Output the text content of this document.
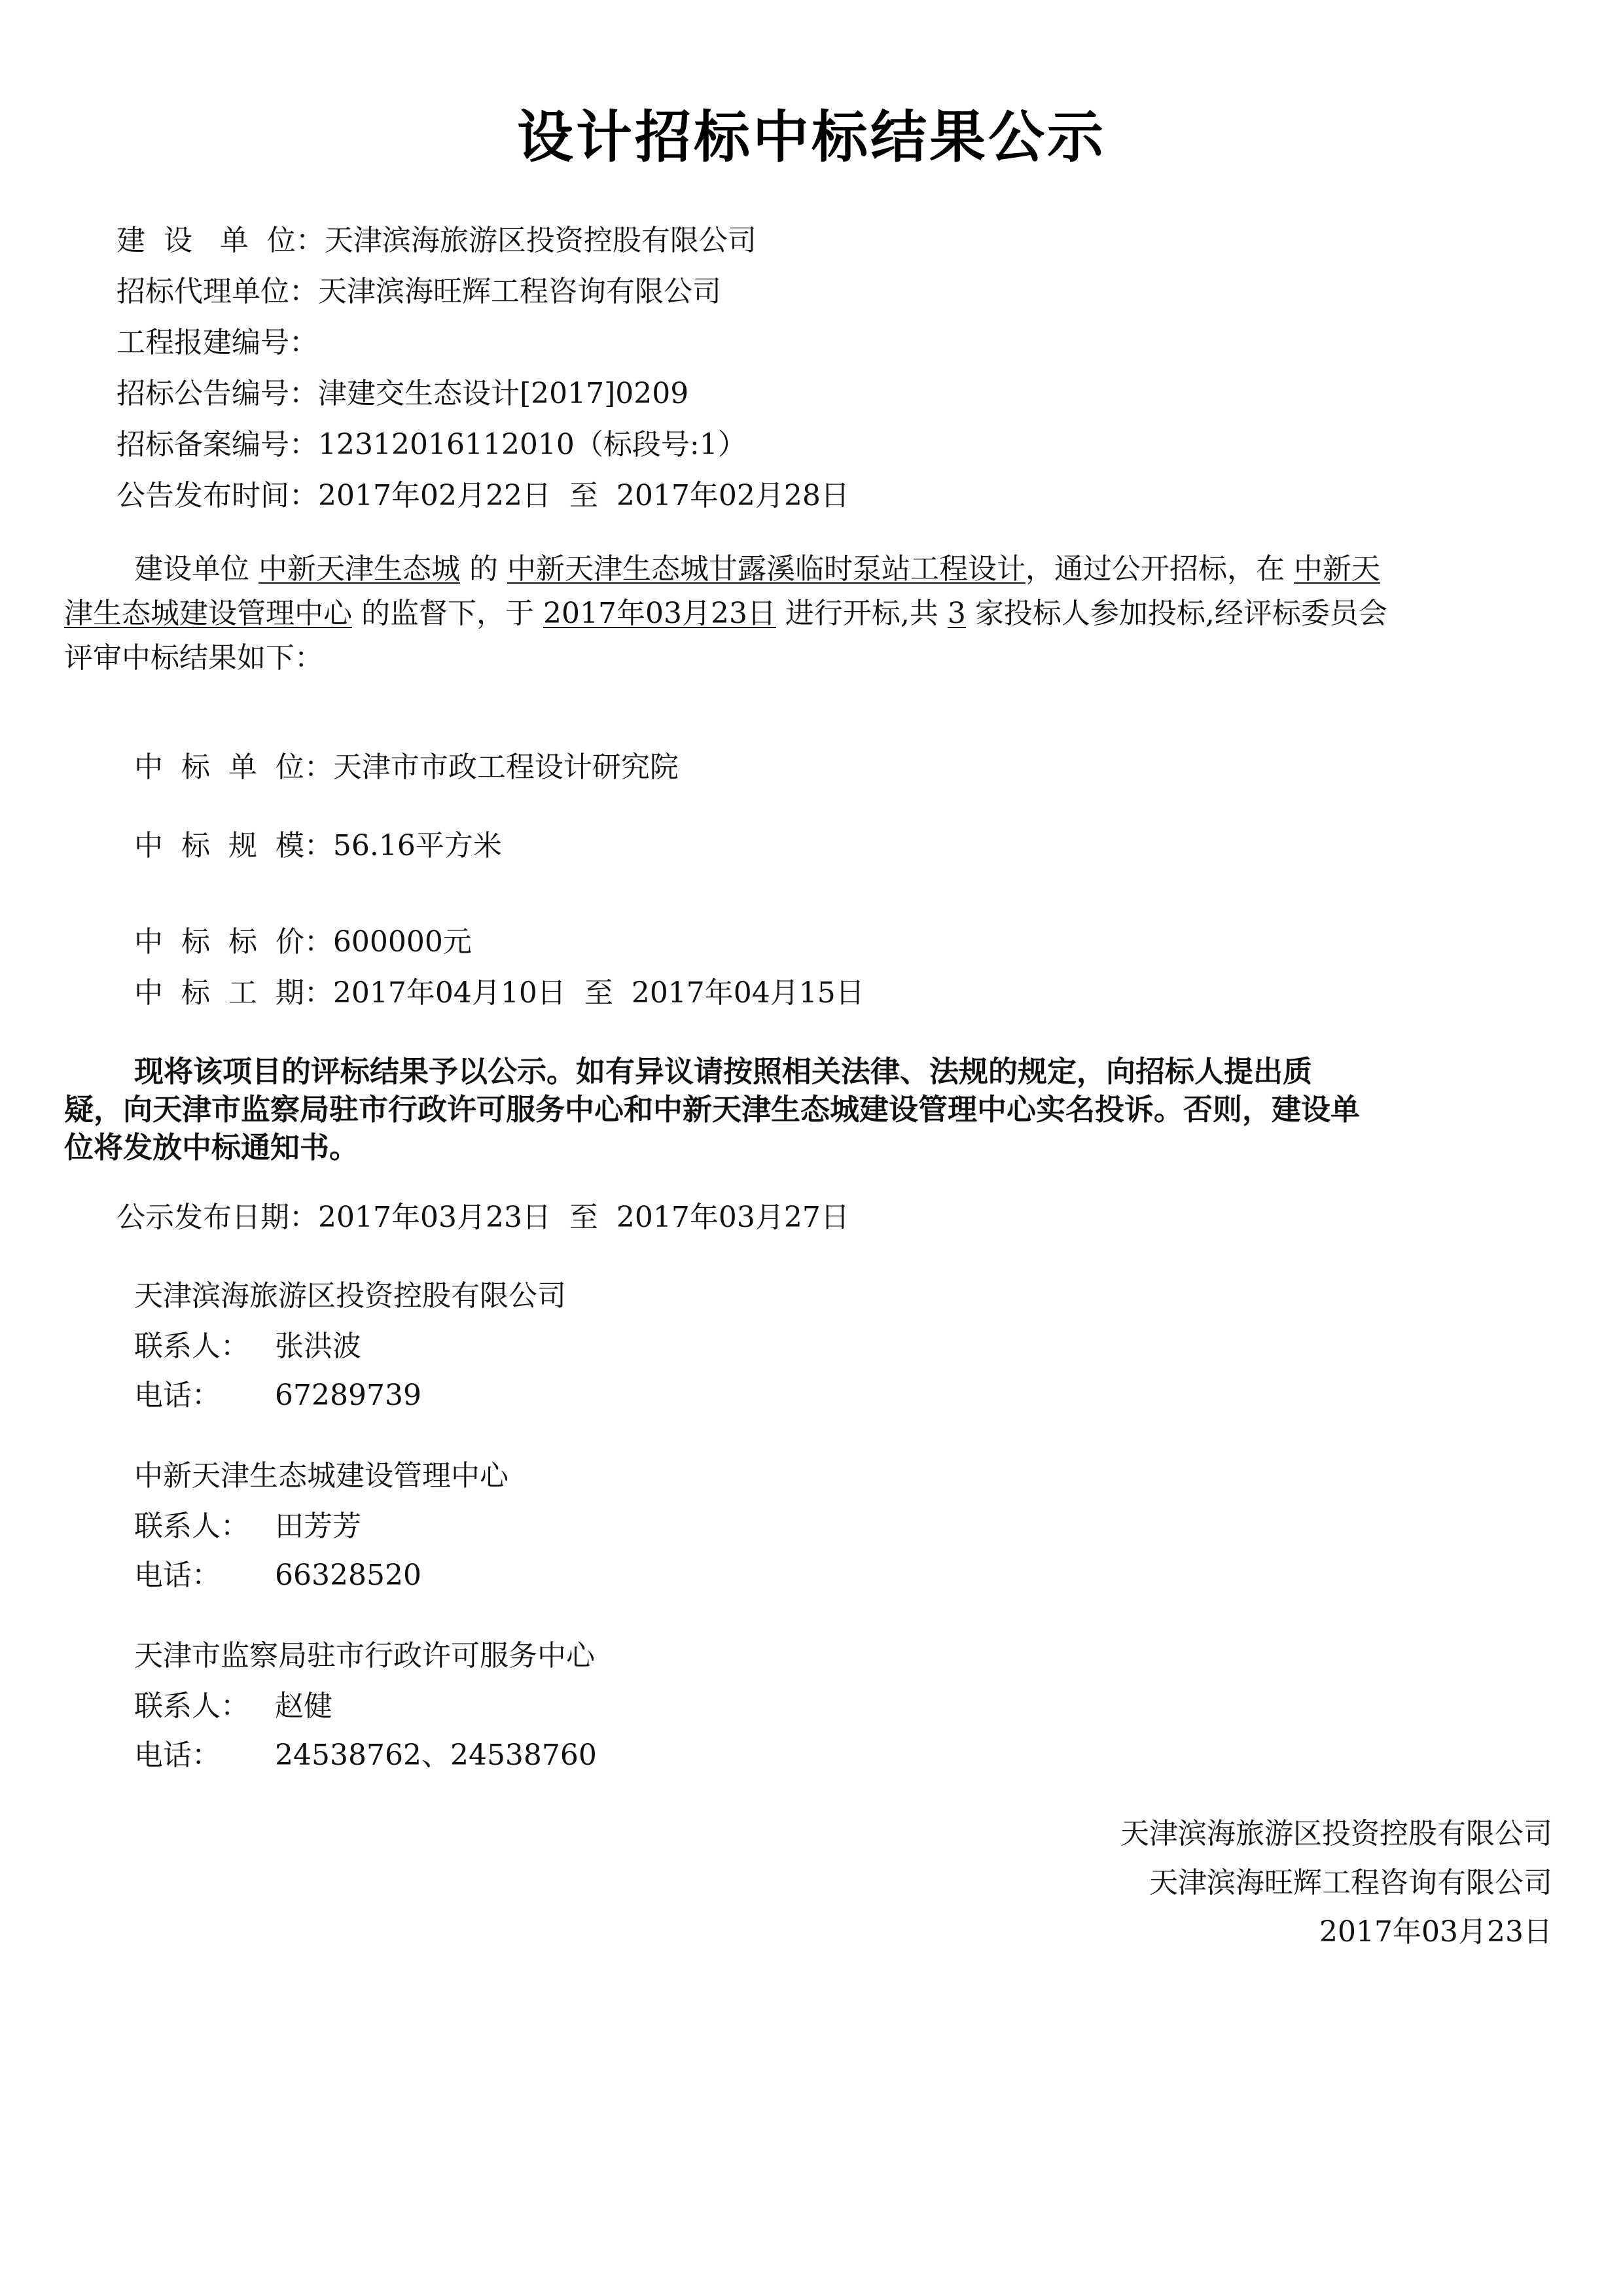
设计招标中标结果公示
建  设   单  位：天津滨海旅游区投资控股有限公司
招标代理单位：天津滨海旺辉工程咨询有限公司
工程报建编号：
招标公告编号：津建交生态设计[2017]0209
招标备案编号：12312016112010（标段号:1）
公告发布时间：2017年02月22日  至  2017年02月28日
建设单位 中新天津生态城 的 中新天津生态城甘露溪临时泵站工程设计，通过公开招标，在 中新天
津生态城建设管理中心 的监督下，于 2017年03月23日 进行开标,共 3 家投标人参加投标,经评标委员会
评审中标结果如下：
中  标  单  位：天津市市政工程设计研究院
中  标  规  模：56.16平方米
中  标  标  价：600000元
中  标  工  期：2017年04月10日  至  2017年04月15日
现将该项目的评标结果予以公示。如有异议请按照相关法律、法规的规定，向招标人提出质
疑，向天津市监察局驻市行政许可服务中心和中新天津生态城建设管理中心实名投诉。否则，建设单
位将发放中标通知书。
公示发布日期：2017年03月23日  至  2017年03月27日
天津滨海旅游区投资控股有限公司
联系人： 张洪波
电话： 67289739
中新天津生态城建设管理中心
联系人： 田芳芳
电话： 66328520
天津市监察局驻市行政许可服务中心
联系人： 赵健
电话： 24538762、24538760
天津滨海旅游区投资控股有限公司
天津滨海旺辉工程咨询有限公司
2017年03月23日
